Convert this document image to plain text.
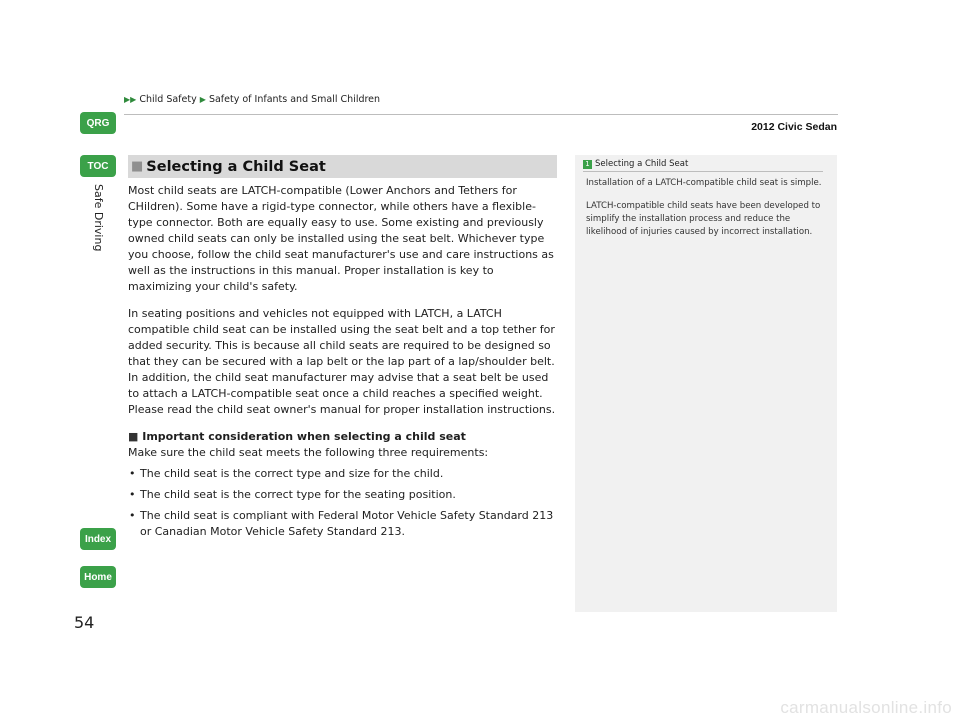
▶▶ Child Safety ▶ Safety of Infants and Small Children
2012 Civic Sedan
QRG
TOC
Index
Home
Safe Driving
■ Selecting a Child Seat

Most child seats are LATCH-compatible (Lower Anchors and Tethers for CHildren). Some have a rigid-type connector, while others have a flexible-type connector. Both are equally easy to use. Some existing and previously owned child seats can only be installed using the seat belt. Whichever type you choose, follow the child seat manufacturer's use and care instructions as well as the instructions in this manual. Proper installation is key to maximizing your child's safety.

In seating positions and vehicles not equipped with LATCH, a LATCH compatible child seat can be installed using the seat belt and a top tether for added security. This is because all child seats are required to be designed so that they can be secured with a lap belt or the lap part of a lap/shoulder belt. In addition, the child seat manufacturer may advise that a seat belt be used to attach a LATCH-compatible seat once a child reaches a specified weight. Please read the child seat owner's manual for proper installation instructions.

■ Important consideration when selecting a child seat
Make sure the child seat meets the following three requirements:
• The child seat is the correct type and size for the child.
• The child seat is the correct type for the seating position.
• The child seat is compliant with Federal Motor Vehicle Safety Standard 213 or Canadian Motor Vehicle Safety Standard 213.
1 Selecting a Child Seat

Installation of a LATCH-compatible child seat is simple.

LATCH-compatible child seats have been developed to simplify the installation process and reduce the likelihood of injuries caused by incorrect installation.

54
carmanualsonline.info
